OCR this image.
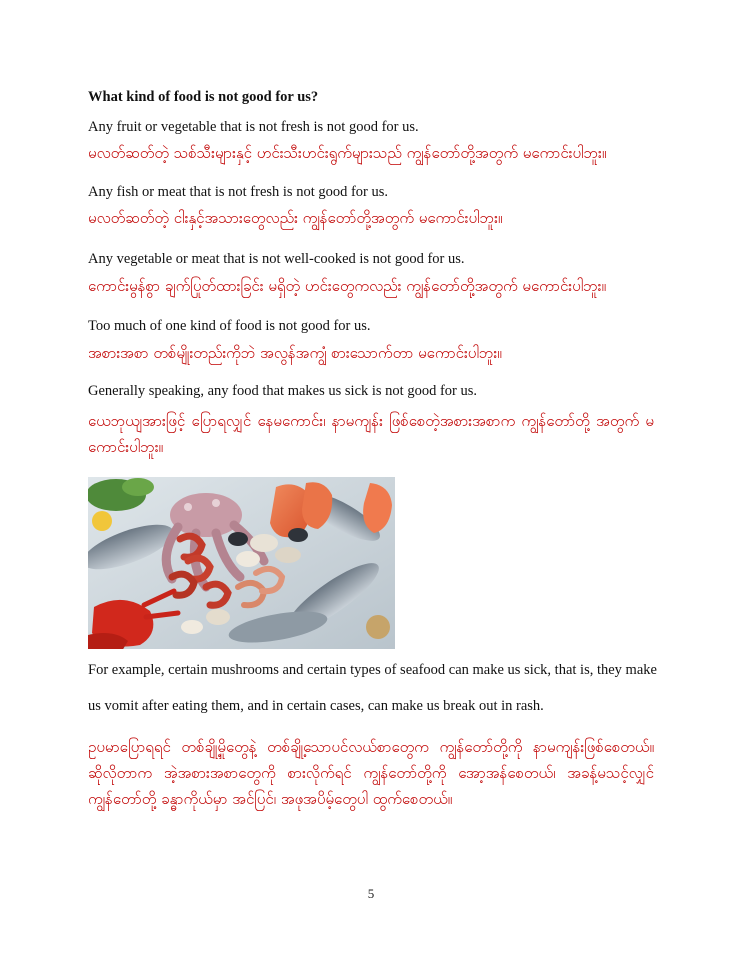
What kind of food is not good for us?

Any fruit or vegetable that is not fresh is not good for us.

မလတ်ဆတ်တဲ့ သစ်သီးများနှင့် ဟင်းသီးဟင်းရွက်များသည် ကျွန်တော်တို့အတွက် မကောင်းပါဘူး။

Any fish or meat that is not fresh is not good for us.

မလတ်ဆတ်တဲ့ ငါးနှင့်အသားတွေလည်း ကျွန်တော်တို့အတွက် မကောင်းပါဘူး။

Any vegetable or meat that is not well-cooked is not good for us.

ကောင်းမွန်စွာ ချက်ပြုတ်ထားခြင်း မရှိတဲ့ ဟင်းတွေကလည်း ကျွန်တော်တို့အတွက် မကောင်းပါဘူး။

Too much of one kind of food is not good for us.

အစားအစာ တစ်မျိုးတည်းကိုဘဲ အလွန်အကျွံ စားသောက်တာ မကောင်းပါဘူး။

Generally speaking, any food that makes us sick is not good for us.

ယေဘုယျအားဖြင့် ပြောရလျှင် နေမကောင်း၊ နာမကျန်း ဖြစ်စေတဲ့အစားအစာက ကျွန်တော်တို့ အတွက် မကောင်းပါဘူး။

For example, certain mushrooms and certain types of seafood can make us sick, that is, they make

us vomit after eating them, and in certain cases, can make us break out in rash.

ဥပမာပြောရရင် တစ်ချို့မှိုတွေနဲ့ တစ်ချို့သောပင်လယ်စာတွေက ကျွန်တော်တို့ကို နာမကျန်းဖြစ်စေတယ်။ ဆိုလိုတာက အဲ့အစားအစာတွေကို စားလိုက်ရင် ကျွန်တော်တို့ကို အော့အန်စေတယ်၊ အခန့်မသင့်လျှင် ကျွန်တော်တို့ ခန္ဓာကိုယ်မှာ အင်ပြင်၊ အဖုအပိမ့်တွေပါ ထွက်စေတယ်။

5
